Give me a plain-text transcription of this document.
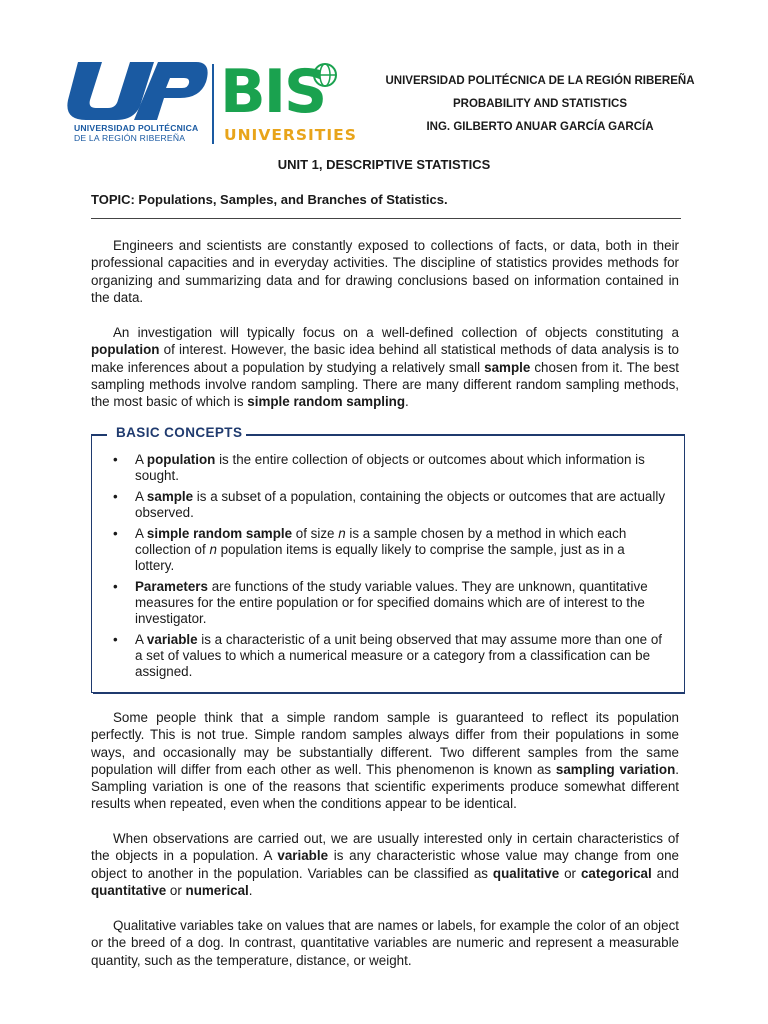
UNIVERSIDAD POLITÉCNICA
DE LA REGIÓN RIBEREÑA
BIS
UNIVERSITIES
UNIVERSIDAD POLITÉCNICA DE LA REGIÓN RIBEREÑA
PROBABILITY AND STATISTICS
ING. GILBERTO ANUAR GARCÍA GARCÍA
UNIT 1, DESCRIPTIVE STATISTICS
TOPIC: Populations, Samples, and Branches of Statistics.
Engineers and scientists are constantly exposed to collections of facts, or data, both in their professional capacities and in everyday activities. The discipline of statistics provides methods for organizing and summarizing data and for drawing conclusions based on information contained in the data.
An investigation will typically focus on a well-defined collection of objects constituting a population of interest. However, the basic idea behind all statistical methods of data analysis is to make inferences about a population by studying a relatively small sample chosen from it. The best sampling methods involve random sampling. There are many different random sampling methods, the most basic of which is simple random sampling.
BASIC CONCEPTS
• A population is the entire collection of objects or outcomes about which information is sought.
• A sample is a subset of a population, containing the objects or outcomes that are actually observed.
• A simple random sample of size n is a sample chosen by a method in which each collection of n population items is equally likely to comprise the sample, just as in a lottery.
• Parameters are functions of the study variable values. They are unknown, quantitative measures for the entire population or for specified domains which are of interest to the investigator.
• A variable is a characteristic of a unit being observed that may assume more than one of a set of values to which a numerical measure or a category from a classification can be assigned.
Some people think that a simple random sample is guaranteed to reflect its population perfectly. This is not true. Simple random samples always differ from their populations in some ways, and occasionally may be substantially different. Two different samples from the same population will differ from each other as well. This phenomenon is known as sampling variation. Sampling variation is one of the reasons that scientific experiments produce somewhat different results when repeated, even when the conditions appear to be identical.
When observations are carried out, we are usually interested only in certain characteristics of the objects in a population. A variable is any characteristic whose value may change from one object to another in the population. Variables can be classified as qualitative or categorical and quantitative or numerical.
Qualitative variables take on values that are names or labels, for example the color of an object or the breed of a dog. In contrast, quantitative variables are numeric and represent a measurable quantity, such as the temperature, distance, or weight.
